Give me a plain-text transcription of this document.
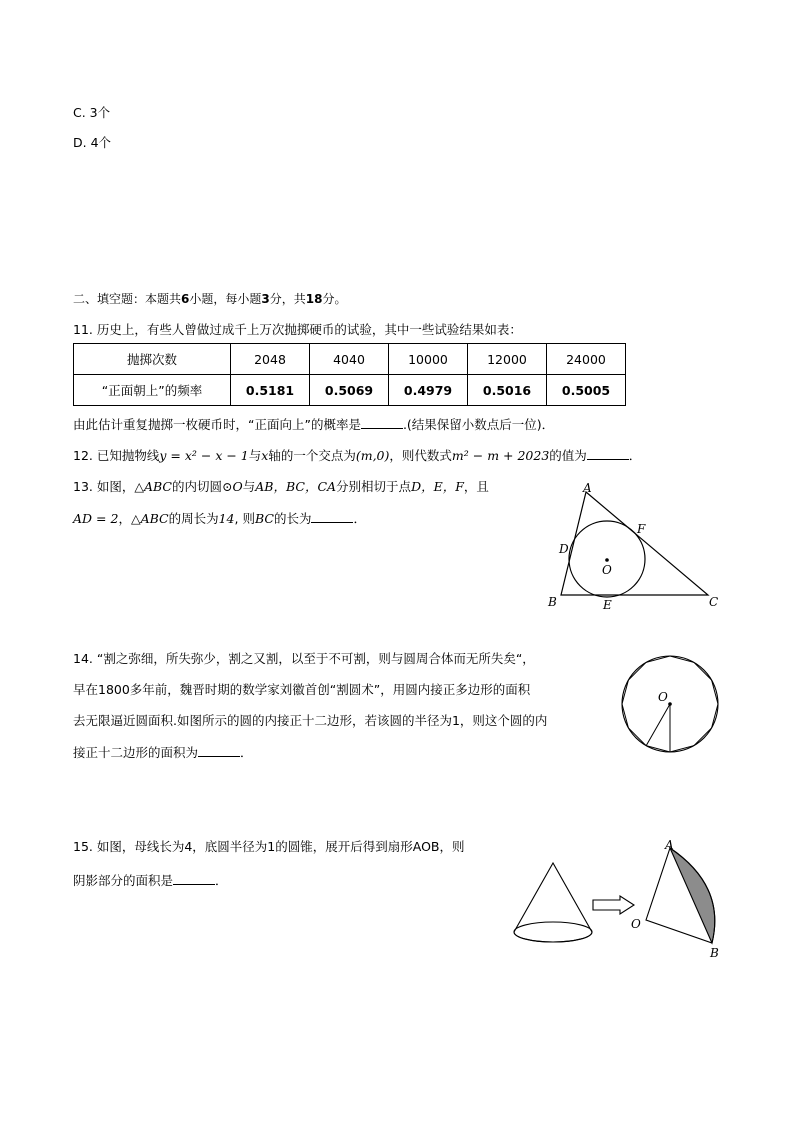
C. 3个
D. 4个
二、填空题：本题共6小题，每小题3分，共18分。
11. 历史上，有些人曾做过成千上万次抛掷硬币的试验，其中一些试验结果如表：
抛掷次数	2048	4040	10000	12000	24000
“正面朝上”的频率	0.5181	0.5069	0.4979	0.5016	0.5005
由此估计重复抛掷一枚硬币时，“正面向上”的概率是	.(结果保留小数点后一位)．
12. 已知抛物线y = x² − x − 1与x轴的一个交点为(m,0)，则代数式m² − m + 2023的值为	．
13. 如图，△ABC的内切圆⊙O与AB，BC，CA分别相切于点D，E，F，且
AD = 2，△ABC的周长为14, 则BC的长为	．
A
B	C
D
E
F
O
14. “割之弥细，所失弥少，割之又割，以至于不可割，则与圆周合体而无所失矣“，
早在1800多年前，魏晋时期的数学家刘徽首创“割圆术”，用圆内接正多边形的面积
去无限逼近圆面积.如图所示的圆的内接正十二边形，若该圆的半径为1，则这个圆的内
接正十二边形的面积为	．
O
15. 如图，母线长为4，底圆半径为1的圆锥，展开后得到扇形AOB，则
阴影部分的面积是	．
A
O
B
